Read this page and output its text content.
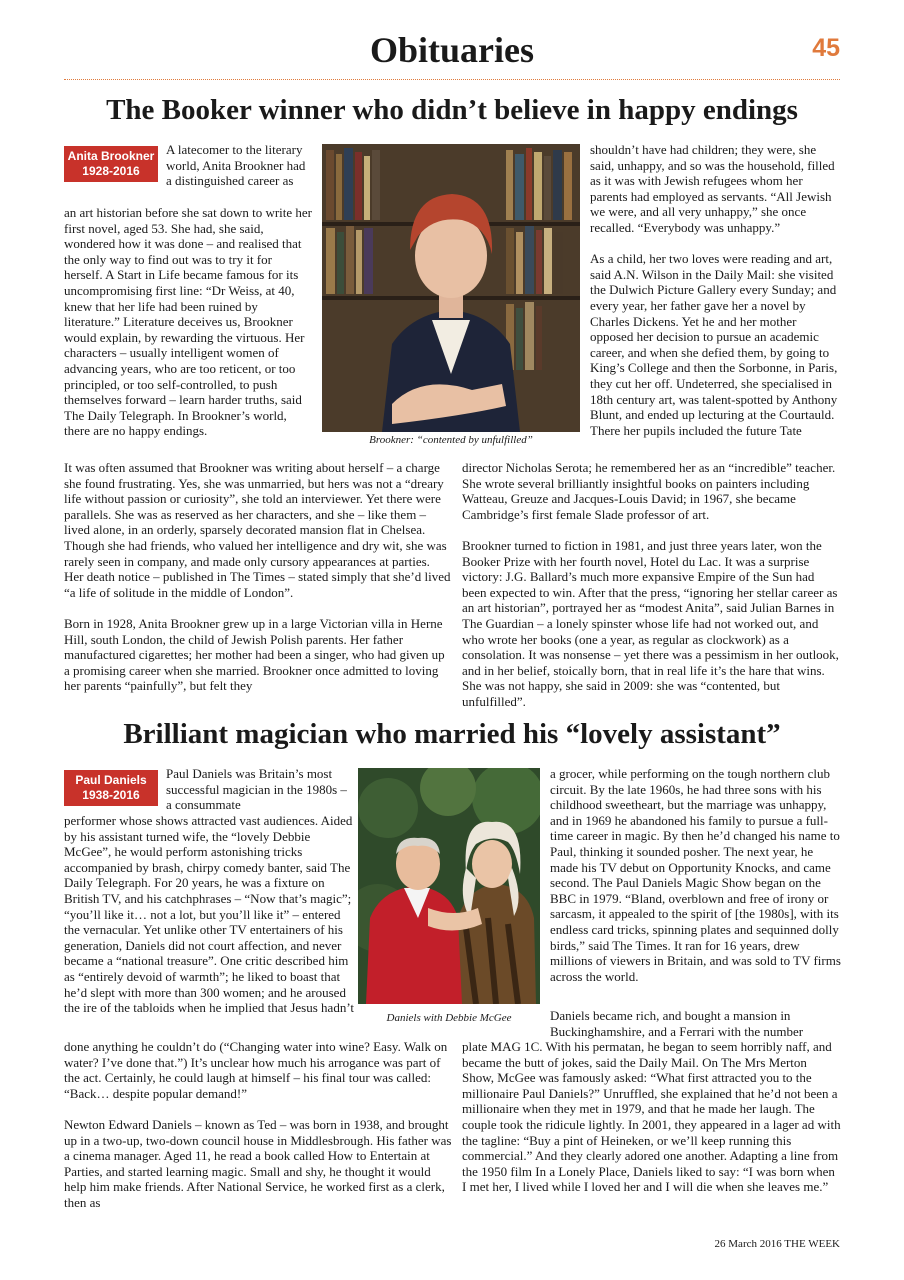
Obituaries	45
The Booker winner who didn’t believe in happy endings
Anita Brookner
1928-2016

A latecomer to the literary world, Anita Brookner had a distinguished career as

an art historian before she sat down to write her first novel, aged 53. She had, she said, wondered how it was done – and realised that the only way to find out was to try it for herself. A Start in Life became famous for its uncompromising first line: “Dr Weiss, at 40, knew that her life had been ruined by literature.” Literature deceives us, Brookner would explain, by rewarding the virtuous. Her characters – usually intelligent women of advancing years, who are too reticent, or too principled, or too self-controlled, to push themselves forward – learn harder truths, said The Daily Telegraph. In Brookner’s world, there are no happy endings.

Brookner: “contented by unfulfilled”

shouldn’t have had children; they were, she said, unhappy, and so was the household, filled as it was with Jewish refugees whom her parents had employed as servants. “All Jewish we were, and all very unhappy,” she once recalled. “Everybody was unhappy.”

As a child, her two loves were reading and art, said A.N. Wilson in the Daily Mail: she visited the Dulwich Picture Gallery every Sunday; and every year, her father gave her a novel by Charles Dickens. Yet he and her mother opposed her decision to pursue an academic career, and when she defied them, by going to King’s College and then the Sorbonne, in Paris, they cut her off. Undeterred, she specialised in 18th century art, was talent-spotted by Anthony Blunt, and ended up lecturing at the Courtauld. There her pupils included the future Tate

It was often assumed that Brookner was writing about herself – a charge she found frustrating. Yes, she was unmarried, but hers was not a “dreary life without passion or curiosity”, she told an interviewer. Yet there were parallels. She was as reserved as her characters, and she – like them – lived alone, in an orderly, sparsely decorated mansion flat in Chelsea. Though she had friends, who valued her intelligence and dry wit, she was rarely seen in company, and made only cursory appearances at parties. Her death notice – published in The Times – stated simply that she’d lived “a life of solitude in the middle of London”.

Born in 1928, Anita Brookner grew up in a large Victorian villa in Herne Hill, south London, the child of Jewish Polish parents. Her father manufactured cigarettes; her mother had been a singer, who had given up a promising career when she married. Brookner once admitted to loving her parents “painfully”, but felt they

director Nicholas Serota; he remembered her as an “incredible” teacher. She wrote several brilliantly insightful books on painters including Watteau, Greuze and Jacques-Louis David; in 1967, she became Cambridge’s first female Slade professor of art.

Brookner turned to fiction in 1981, and just three years later, won the Booker Prize with her fourth novel, Hotel du Lac. It was a surprise victory: J.G. Ballard’s much more expansive Empire of the Sun had been expected to win. After that the press, “ignoring her stellar career as an art historian”, portrayed her as “modest Anita”, said Julian Barnes in The Guardian – a lonely spinster whose life had not worked out, and who wrote her books (one a year, as regular as clockwork) as a consolation. It was nonsense – yet there was a pessimism in her outlook, and in her belief, stoically born, that in real life it’s the hare that wins. She was not happy, she said in 2009: she was “contented, but unfulfilled”.

Brilliant magician who married his “lovely assistant”
Paul Daniels
1938-2016

Paul Daniels was Britain’s most successful magician in the 1980s – a consummate

performer whose shows attracted vast audiences. Aided by his assistant turned wife, the “lovely Debbie McGee”, he would perform astonishing tricks accompanied by brash, chirpy comedy banter, said The Daily Telegraph. For 20 years, he was a fixture on British TV, and his catchphrases – “Now that’s magic”; “you’ll like it… not a lot, but you’ll like it” – entered the vernacular. Yet unlike other TV entertainers of his generation, Daniels did not court affection, and never became a “national treasure”. One critic described him as “entirely devoid of warmth”; he liked to boast that he’d slept with more than 300 women; and he aroused the ire of the tabloids when he implied that Jesus hadn’t

Daniels with Debbie McGee

a grocer, while performing on the tough northern club circuit. By the late 1960s, he had three sons with his childhood sweetheart, but the marriage was unhappy, and in 1969 he abandoned his family to pursue a full-time career in magic. By then he’d changed his name to Paul, thinking it sounded posher. The next year, he made his TV debut on Opportunity Knocks, and came second. The Paul Daniels Magic Show began on the BBC in 1979. “Bland, overblown and free of irony or sarcasm, it appealed to the spirit of [the 1980s], with its endless card tricks, spinning plates and sequinned dolly birds,” said The Times. It ran for 16 years, drew millions of viewers in Britain, and was sold to TV firms across the world.

Daniels became rich, and bought a mansion in Buckinghamshire, and a Ferrari with the number

done anything he couldn’t do (“Changing water into wine? Easy. Walk on water? I’ve done that.”) It’s unclear how much his arrogance was part of the act. Certainly, he could laugh at himself – his final tour was called: “Back… despite popular demand!”

Newton Edward Daniels – known as Ted – was born in 1938, and brought up in a two-up, two-down council house in Middlesbrough. His father was a cinema manager. Aged 11, he read a book called How to Entertain at Parties, and started learning magic. Small and shy, he thought it would help him make friends. After National Service, he worked first as a clerk, then as

plate MAG 1C. With his permatan, he began to seem horribly naff, and became the butt of jokes, said the Daily Mail. On The Mrs Merton Show, McGee was famously asked: “What first attracted you to the millionaire Paul Daniels?” Unruffled, she explained that he’d not been a millionaire when they met in 1979, and that he made her laugh. The couple took the ridicule lightly. In 2001, they appeared in a lager ad with the tagline: “Buy a pint of Heineken, or we’ll keep running this commercial.” And they clearly adored one another. Adapting a line from the 1950 film In a Lonely Place, Daniels liked to say: “I was born when I met her, I lived while I loved her and I will die when she leaves me.”

26 March 2016 THE WEEK
